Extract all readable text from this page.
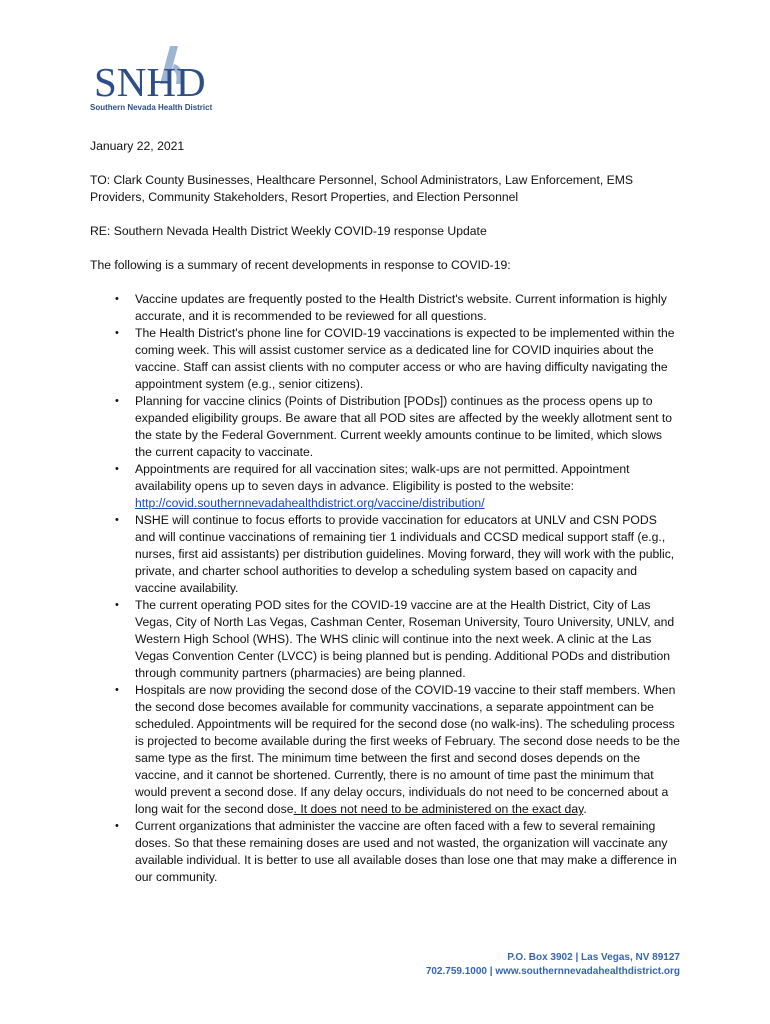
SNHD
Southern Nevada Health District

January 22, 2021

TO: Clark County Businesses, Healthcare Personnel, School Administrators, Law Enforcement, EMS Providers, Community Stakeholders, Resort Properties, and Election Personnel

RE: Southern Nevada Health District Weekly COVID-19 response Update

The following is a summary of recent developments in response to COVID-19:

• Vaccine updates are frequently posted to the Health District's website. Current information is highly accurate, and it is recommended to be reviewed for all questions.
• The Health District's phone line for COVID-19 vaccinations is expected to be implemented within the coming week. This will assist customer service as a dedicated line for COVID inquiries about the vaccine. Staff can assist clients with no computer access or who are having difficulty navigating the appointment system (e.g., senior citizens).
• Planning for vaccine clinics (Points of Distribution [PODs]) continues as the process opens up to expanded eligibility groups. Be aware that all POD sites are affected by the weekly allotment sent to the state by the Federal Government. Current weekly amounts continue to be limited, which slows the current capacity to vaccinate.
• Appointments are required for all vaccination sites; walk-ups are not permitted. Appointment availability opens up to seven days in advance. Eligibility is posted to the website: http://covid.southernnevadahealthdistrict.org/vaccine/distribution/
• NSHE will continue to focus efforts to provide vaccination for educators at UNLV and CSN PODS and will continue vaccinations of remaining tier 1 individuals and CCSD medical support staff (e.g., nurses, first aid assistants) per distribution guidelines. Moving forward, they will work with the public, private, and charter school authorities to develop a scheduling system based on capacity and vaccine availability.
• The current operating POD sites for the COVID-19 vaccine are at the Health District, City of Las Vegas, City of North Las Vegas, Cashman Center, Roseman University, Touro University, UNLV, and Western High School (WHS). The WHS clinic will continue into the next week. A clinic at the Las Vegas Convention Center (LVCC) is being planned but is pending. Additional PODs and distribution through community partners (pharmacies) are being planned.
• Hospitals are now providing the second dose of the COVID-19 vaccine to their staff members. When the second dose becomes available for community vaccinations, a separate appointment can be scheduled. Appointments will be required for the second dose (no walk-ins). The scheduling process is projected to become available during the first weeks of February. The second dose needs to be the same type as the first. The minimum time between the first and second doses depends on the vaccine, and it cannot be shortened. Currently, there is no amount of time past the minimum that would prevent a second dose. If any delay occurs, individuals do not need to be concerned about a long wait for the second dose. It does not need to be administered on the exact day.
• Current organizations that administer the vaccine are often faced with a few to several remaining doses. So that these remaining doses are used and not wasted, the organization will vaccinate any available individual. It is better to use all available doses than lose one that may make a difference in our community.
P.O. Box 3902 | Las Vegas, NV 89127
702.759.1000 | www.southernnevadahealthdistrict.org
